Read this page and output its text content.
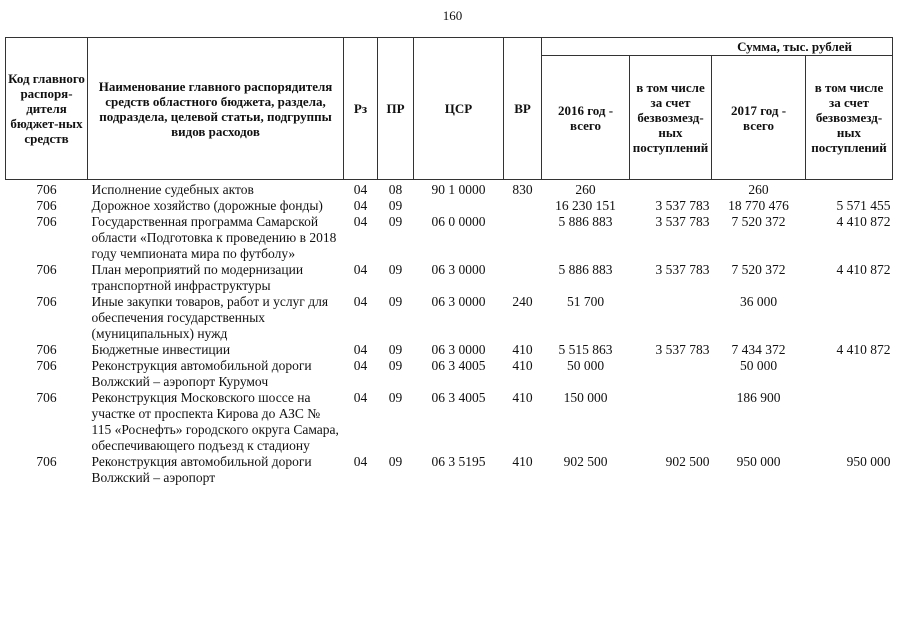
160
Код главного распоря-дителя бюджет-ных средств	Наименование главного распорядителя средств областного бюджета, раздела, подраздела, целевой статьи, подгруппы видов расходов	Рз	ПР	ЦСР	ВР	Сумма, тыс. рублей			
						2016 год - всего	в том числе за счет безвозмезд-ных поступлений	2017 год - всего	в том числе за счет безвозмезд-ных поступлений
706	Исполнение судебных актов	04	08	90 1 0000	830	260		260	
706	Дорожное хозяйство (дорожные фонды)	04	09			16 230 151	3 537 783	18 770 476	5 571 455
706	Государственная программа Самарской области «Подготовка к проведению в 2018 году чемпионата мира по футболу»	04	09	06 0 0000		5 886 883	3 537 783	7 520 372	4 410 872
706	План мероприятий по модернизации транспортной инфраструктуры	04	09	06 3 0000		5 886 883	3 537 783	7 520 372	4 410 872
706	Иные закупки товаров, работ и услуг для обеспечения государственных (муниципальных) нужд	04	09	06 3 0000	240	51 700		36 000	
706	Бюджетные инвестиции	04	09	06 3 0000	410	5 515 863	3 537 783	7 434 372	4 410 872
706	Реконструкция автомобильной дороги Волжский – аэропорт Курумоч	04	09	06 3 4005	410	50 000		50 000	
706	Реконструкция Московского шоссе на участке от проспекта Кирова до АЗС № 115 «Роснефть» городского округа Самара, обеспечивающего подъезд к стадиону	04	09	06 3 4005	410	150 000		186 900	
706	Реконструкция автомобильной дороги Волжский – аэропорт	04	09	06 3 5195	410	902 500	902 500	950 000	950 000
